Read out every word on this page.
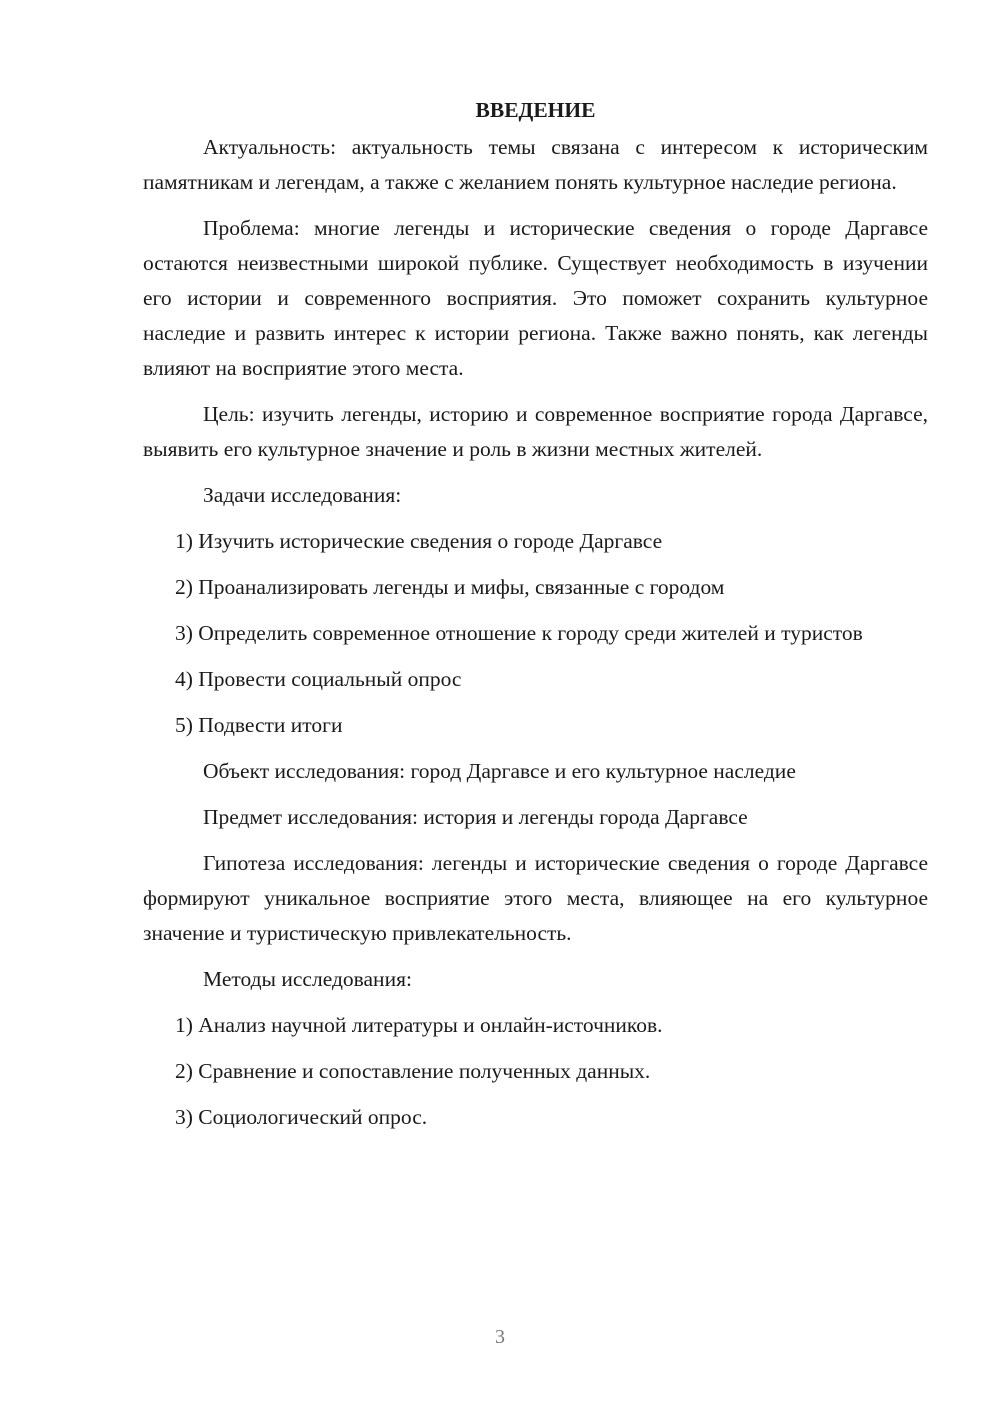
ВВЕДЕНИЕ

Актуальность: актуальность темы связана с интересом к историческим памятникам и легендам, а также с желанием понять культурное наследие региона.

Проблема: многие легенды и исторические сведения о городе Даргавсе остаются неизвестными широкой публике. Существует необходимость в изучении его истории и современного восприятия. Это поможет сохранить культурное наследие и развить интерес к истории региона. Также важно понять, как легенды влияют на восприятие этого места.

Цель: изучить легенды, историю и современное восприятие города Даргавсе, выявить его культурное значение и роль в жизни местных жителей.

Задачи исследования:
1) Изучить исторические сведения о городе Даргавсе
2) Проанализировать легенды и мифы, связанные с городом
3) Определить современное отношение к городу среди жителей и туристов
4) Провести социальный опрос
5) Подвести итоги
Объект исследования: город Даргавсе и его культурное наследие
Предмет исследования: история и легенды города Даргавсе

Гипотеза исследования: легенды и исторические сведения о городе Даргавсе формируют уникальное восприятие этого места, влияющее на его культурное значение и туристическую привлекательность.

Методы исследования:
1) Анализ научной литературы и онлайн-источников.
2) Сравнение и сопоставление полученных данных.
3) Социологический опрос.
3
